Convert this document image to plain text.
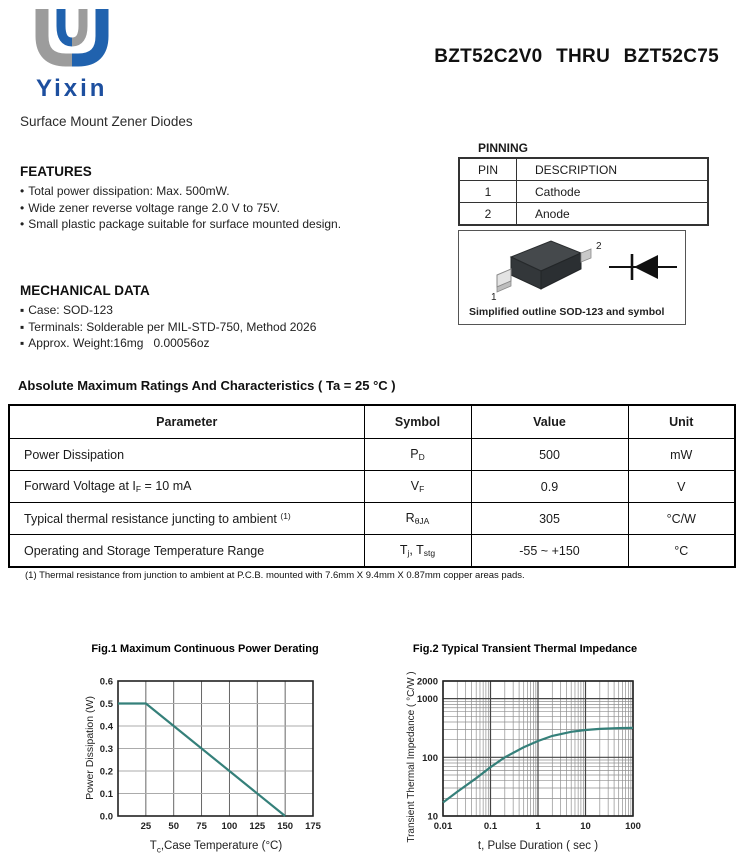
Yixin
BZT52C2V0 THRU BZT52C75
Surface Mount Zener Diodes
FEATURES
• Total power dissipation: Max. 500mW.
• Wide zener reverse voltage range 2.0 V to 75V.
• Small plastic package suitable for surface mounted design.
MECHANICAL DATA
▪ Case: SOD-123
▪ Terminals: Solderable per MIL-STD-750, Method 2026
▪ Approx. Weight:16mg   0.00056oz
PINNING
PIN	DESCRIPTION
1	Cathode
2	Anode
2
1
Simplified outline SOD-123 and symbol
Absolute Maximum Ratings And Characteristics ( Ta = 25 °C )
Parameter	Symbol	Value	Unit
Power Dissipation	$P_D$	500	mW
Forward Voltage at $I_F = 10$ mA	$V_F$	0.9	V
Typical thermal resistance juncting to ambient $^{(1)}$	$R_{\theta JA}$	305	°C/W
Operating and Storage Temperature Range	$T_j$, $T_{stg}$	-55 ~ +150	°C
(1) Thermal resistance from junction to ambient at P.C.B. mounted with 7.6mm X 9.4mm X 0.87mm copper areas pads.
Fig.1 Maximum Continuous Power Derating
Power Dissipation (W)
25 50 75 100 125 150 175
0.0
0.1
0.2
0.3
0.4
0.5
0.6
$T_c,Case$ Temperature (°C)
Fig.2 Typical Transient Thermal Impedance
Transient Thermal Impedance ( °C/W ) 0.01	0.1	1	10	100
10
100
1000
2000
t, Pulse Duration ( sec )
